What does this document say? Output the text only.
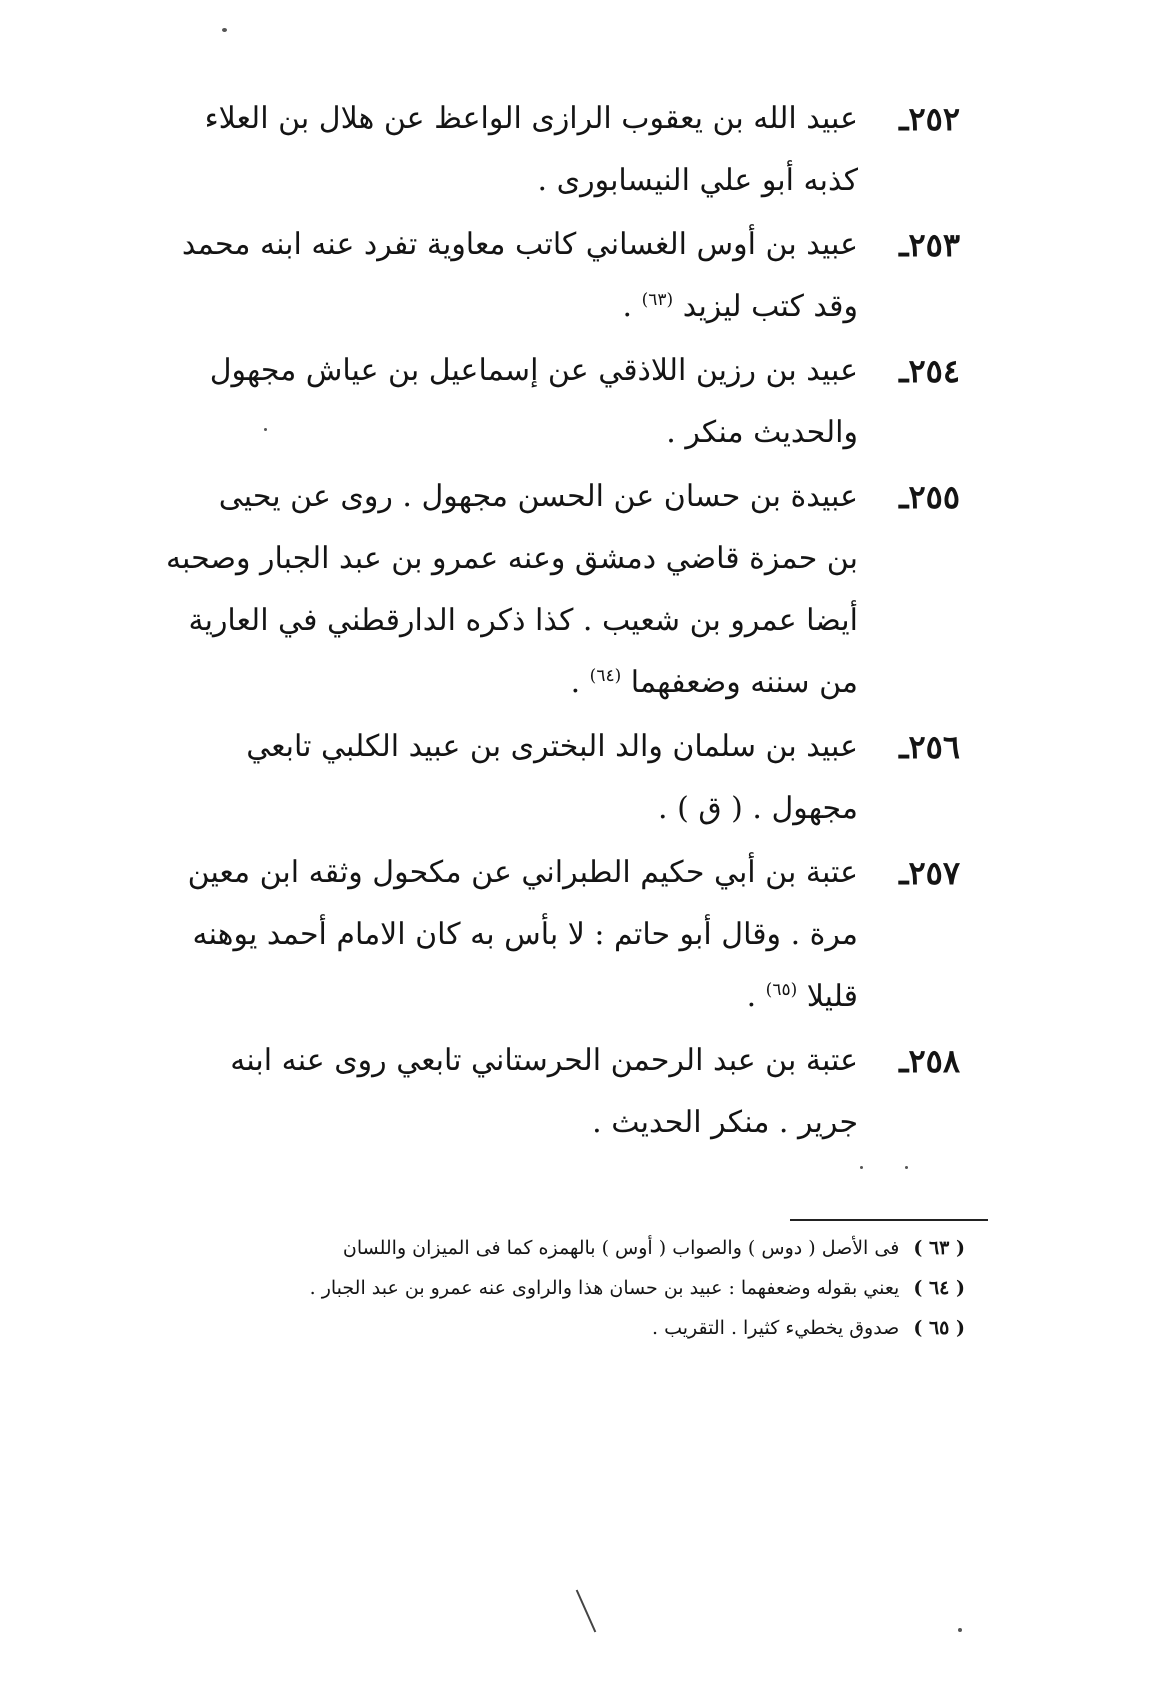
٢٥٢ـ

عبيد الله بن يعقوب الرازى الواعظ عن هلال بن العلاء
كذبه أبو علي النيسابورى .

٢٥٣ـ

عبيد بن أوس الغساني كاتب معاوية تفرد عنه ابنه محمد
وقد كتب ليزيد $^{(٦٣)}$ .

٢٥٤ـ

عبيد بن رزين اللاذقي عن إسماعيل بن عياش مجهول
والحديث منكر .

٢٥٥ـ

عبيدة بن حسان عن الحسن مجهول . روى عن يحيى
بن حمزة قاضي دمشق وعنه عمرو بن عبد الجبار وصحبه
أيضا عمرو بن شعيب . كذا ذكره الدارقطني في العارية
من سننه وضعفهما $^{(٦٤)}$ .

٢٥٦ـ

عبيد بن سلمان والد البخترى بن عبيد الكلبي تابعي
مجهول . ( ق ) .

٢٥٧ـ

عتبة بن أبي حكيم الطبراني عن مكحول وثقه ابن معين
مرة . وقال أبو حاتم : لا بأس به كان الامام أحمد يوهنه
قليلا $^{(٦٥)}$ .

٢٥٨ـ

عتبة بن عبد الرحمن الحرستاني تابعي روى عنه ابنه
جرير . منكر الحديث .

( ٦٣ ) فى الأصل ( دوس ) والصواب ( أوس ) بالهمزه كما فى الميزان واللسان
( ٦٤ ) يعني بقوله وضعفهما : عبيد بن حسان هذا والراوى عنه عمرو بن عبد الجبار .
( ٦٥ ) صدوق يخطيء كثيرا . التقريب .
